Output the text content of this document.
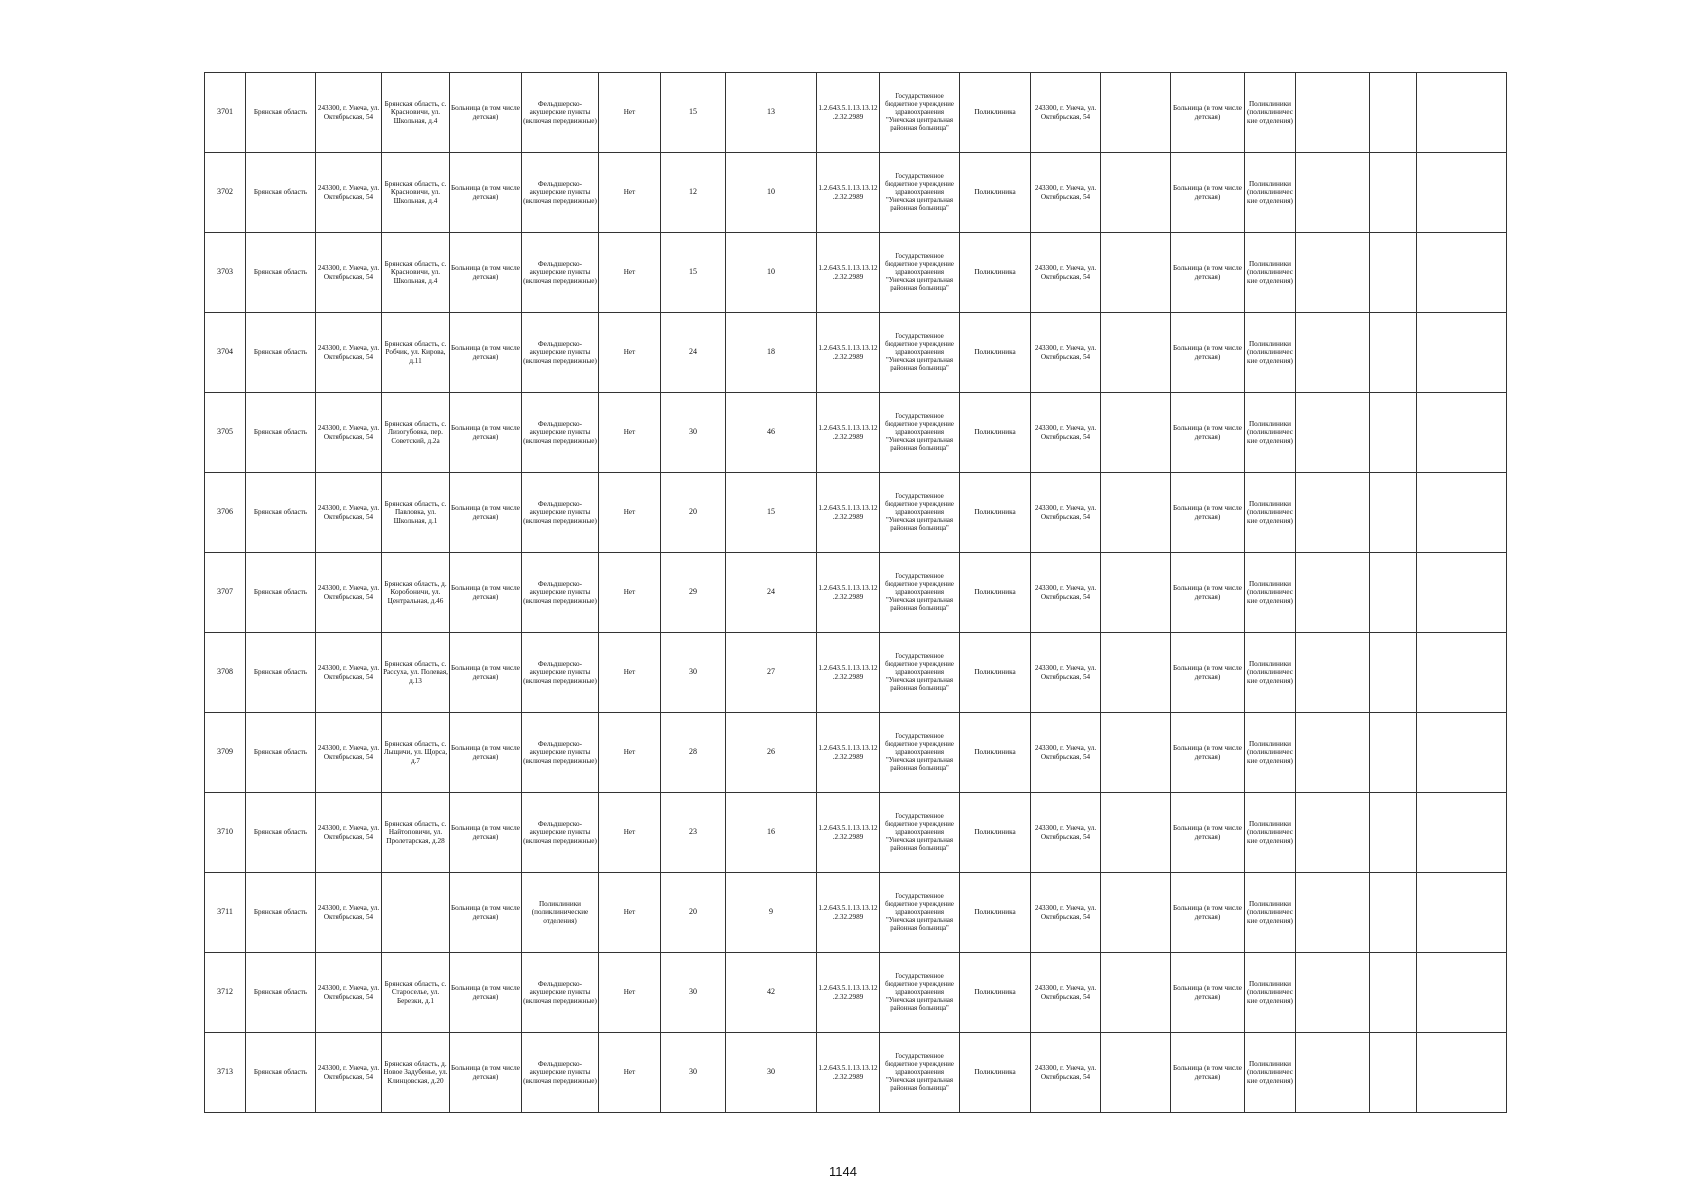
3701	Брянская область	243300, г. Унеча, ул. Октябрьская, 54	Брянская область, с. Красновичи, ул. Школьная, д.4	Больница (в том числе детская)	Фельдшерско-акушерские пункты (включая передвижные)	Нет	15	13	1.2.643.5.1.13.13.12.2.32.2989	Государственное бюджетное учреждение здравоохранения "Унечская центральная районная больница"	Поликлиника	243300, г. Унеча, ул. Октябрьская, 54		Больница (в том числе детская)	Поликлиники (поликлинические отделения)			
3702	Брянская область	243300, г. Унеча, ул. Октябрьская, 54	Брянская область, с. Красновичи, ул. Школьная, д.4	Больница (в том числе детская)	Фельдшерско-акушерские пункты (включая передвижные)	Нет	12	10	1.2.643.5.1.13.13.12.2.32.2989	Государственное бюджетное учреждение здравоохранения "Унечская центральная районная больница"	Поликлиника	243300, г. Унеча, ул. Октябрьская, 54		Больница (в том числе детская)	Поликлиники (поликлинические отделения)			
3703	Брянская область	243300, г. Унеча, ул. Октябрьская, 54	Брянская область, с. Красновичи, ул. Школьная, д.4	Больница (в том числе детская)	Фельдшерско-акушерские пункты (включая передвижные)	Нет	15	10	1.2.643.5.1.13.13.12.2.32.2989	Государственное бюджетное учреждение здравоохранения "Унечская центральная районная больница"	Поликлиника	243300, г. Унеча, ул. Октябрьская, 54		Больница (в том числе детская)	Поликлиники (поликлинические отделения)			
3704	Брянская область	243300, г. Унеча, ул. Октябрьская, 54	Брянская область, с. Робчик, ул. Кирова, д.11	Больница (в том числе детская)	Фельдшерско-акушерские пункты (включая передвижные)	Нет	24	18	1.2.643.5.1.13.13.12.2.32.2989	Государственное бюджетное учреждение здравоохранения "Унечская центральная районная больница"	Поликлиника	243300, г. Унеча, ул. Октябрьская, 54		Больница (в том числе детская)	Поликлиники (поликлинические отделения)			
3705	Брянская область	243300, г. Унеча, ул. Октябрьская, 54	Брянская область, с. Лизогубовка, пер. Советский, д.2а	Больница (в том числе детская)	Фельдшерско-акушерские пункты (включая передвижные)	Нет	30	46	1.2.643.5.1.13.13.12.2.32.2989	Государственное бюджетное учреждение здравоохранения "Унечская центральная районная больница"	Поликлиника	243300, г. Унеча, ул. Октябрьская, 54		Больница (в том числе детская)	Поликлиники (поликлинические отделения)			
3706	Брянская область	243300, г. Унеча, ул. Октябрьская, 54	Брянская область, с. Павловка, ул. Школьная, д.1	Больница (в том числе детская)	Фельдшерско-акушерские пункты (включая передвижные)	Нет	20	15	1.2.643.5.1.13.13.12.2.32.2989	Государственное бюджетное учреждение здравоохранения "Унечская центральная районная больница"	Поликлиника	243300, г. Унеча, ул. Октябрьская, 54		Больница (в том числе детская)	Поликлиники (поликлинические отделения)			
3707	Брянская область	243300, г. Унеча, ул. Октябрьская, 54	Брянская область, д. Коробоничи, ул. Центральная, д.46	Больница (в том числе детская)	Фельдшерско-акушерские пункты (включая передвижные)	Нет	29	24	1.2.643.5.1.13.13.12.2.32.2989	Государственное бюджетное учреждение здравоохранения "Унечская центральная районная больница"	Поликлиника	243300, г. Унеча, ул. Октябрьская, 54		Больница (в том числе детская)	Поликлиники (поликлинические отделения)			
3708	Брянская область	243300, г. Унеча, ул. Октябрьская, 54	Брянская область, с. Рассуха, ул. Полевая, д.13	Больница (в том числе детская)	Фельдшерско-акушерские пункты (включая передвижные)	Нет	30	27	1.2.643.5.1.13.13.12.2.32.2989	Государственное бюджетное учреждение здравоохранения "Унечская центральная районная больница"	Поликлиника	243300, г. Унеча, ул. Октябрьская, 54		Больница (в том числе детская)	Поликлиники (поликлинические отделения)			
3709	Брянская область	243300, г. Унеча, ул. Октябрьская, 54	Брянская область, с. Лыщичи, ул. Щорса, д.7	Больница (в том числе детская)	Фельдшерско-акушерские пункты (включая передвижные)	Нет	28	26	1.2.643.5.1.13.13.12.2.32.2989	Государственное бюджетное учреждение здравоохранения "Унечская центральная районная больница"	Поликлиника	243300, г. Унеча, ул. Октябрьская, 54		Больница (в том числе детская)	Поликлиники (поликлинические отделения)			
3710	Брянская область	243300, г. Унеча, ул. Октябрьская, 54	Брянская область, с. Найтоповичи, ул. Пролетарская, д.28	Больница (в том числе детская)	Фельдшерско-акушерские пункты (включая передвижные)	Нет	23	16	1.2.643.5.1.13.13.12.2.32.2989	Государственное бюджетное учреждение здравоохранения "Унечская центральная районная больница"	Поликлиника	243300, г. Унеча, ул. Октябрьская, 54		Больница (в том числе детская)	Поликлиники (поликлинические отделения)			
3711	Брянская область	243300, г. Унеча, ул. Октябрьская, 54		Больница (в том числе детская)	Поликлиники (поликлинические отделения)	Нет	20	9	1.2.643.5.1.13.13.12.2.32.2989	Государственное бюджетное учреждение здравоохранения "Унечская центральная районная больница"	Поликлиника	243300, г. Унеча, ул. Октябрьская, 54		Больница (в том числе детская)	Поликлиники (поликлинические отделения)			
3712	Брянская область	243300, г. Унеча, ул. Октябрьская, 54	Брянская область, с. Старосельe, ул. Березки, д.1	Больница (в том числе детская)	Фельдшерско-акушерские пункты (включая передвижные)	Нет	30	42	1.2.643.5.1.13.13.12.2.32.2989	Государственное бюджетное учреждение здравоохранения "Унечская центральная районная больница"	Поликлиника	243300, г. Унеча, ул. Октябрьская, 54		Больница (в том числе детская)	Поликлиники (поликлинические отделения)			
3713	Брянская область	243300, г. Унеча, ул. Октябрьская, 54	Брянская область, д. Новое Задубенье, ул. Клинцовская, д.20	Больница (в том числе детская)	Фельдшерско-акушерские пункты (включая передвижные)	Нет	30	30	1.2.643.5.1.13.13.12.2.32.2989	Государственное бюджетное учреждение здравоохранения "Унечская центральная районная больница"	Поликлиника	243300, г. Унеча, ул. Октябрьская, 54		Больница (в том числе детская)	Поликлиники (поликлинические отделения)			
1144
